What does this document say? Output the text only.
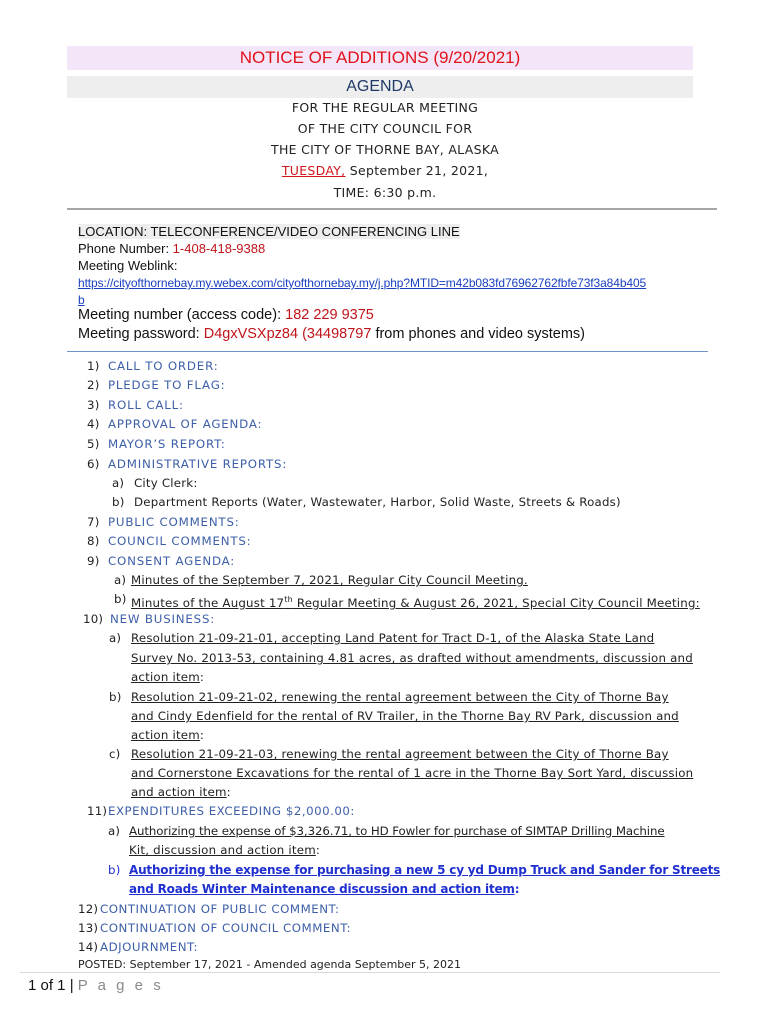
NOTICE OF ADDITIONS (9/20/2021)
AGENDA
FOR THE REGULAR MEETING
OF THE CITY COUNCIL FOR
THE CITY OF THORNE BAY, ALASKA
TUESDAY, September 21, 2021,
TIME: 6:30 p.m.
LOCATION: TELECONFERENCE/VIDEO CONFERENCING LINE
Phone Number: 1-408-418-9388
Meeting Weblink:
https://cityofthornebay.my.webex.com/cityofthornebay.my/j.php?MTID=m42b083fd76962762fbfe73f3a84b405
b
Meeting number (access code): 182 229 9375
Meeting password: D4gxVSXpz84 (34498797 from phones and video systems)
1) CALL TO ORDER:
2) PLEDGE TO FLAG:
3) ROLL CALL:
4) APPROVAL OF AGENDA:
5) MAYOR’S REPORT:
6) ADMINISTRATIVE REPORTS:
a) City Clerk:
b) Department Reports (Water, Wastewater, Harbor, Solid Waste, Streets & Roads)
7) PUBLIC COMMENTS:
8) COUNCIL COMMENTS:
9) CONSENT AGENDA:
a) Minutes of the September 7, 2021, Regular City Council Meeting.
b) Minutes of the August 17th Regular Meeting & August 26, 2021, Special City Council Meeting:
10) NEW BUSINESS:
a) Resolution 21-09-21-01, accepting Land Patent for Tract D-1, of the Alaska State Land
Survey No. 2013-53, containing 4.81 acres, as drafted without amendments, discussion and
action item:
b) Resolution 21-09-21-02, renewing the rental agreement between the City of Thorne Bay
and Cindy Edenfield for the rental of RV Trailer, in the Thorne Bay RV Park, discussion and
action item:
c) Resolution 21-09-21-03, renewing the rental agreement between the City of Thorne Bay
and Cornerstone Excavations for the rental of 1 acre in the Thorne Bay Sort Yard, discussion
and action item:
11) EXPENDITURES EXCEEDING $2,000.00:
a) Authorizing the expense of $3,326.71, to HD Fowler for purchase of SIMTAP Drilling Machine
Kit, discussion and action item:
b) Authorizing the expense for purchasing a new 5 cy yd Dump Truck and Sander for Streets
and Roads Winter Maintenance discussion and action item:
12) CONTINUATION OF PUBLIC COMMENT:
13) CONTINUATION OF COUNCIL COMMENT:
14) ADJOURNMENT:
POSTED: September 17, 2021 - Amended agenda September 5, 2021
1 of 1 | P a g e s
